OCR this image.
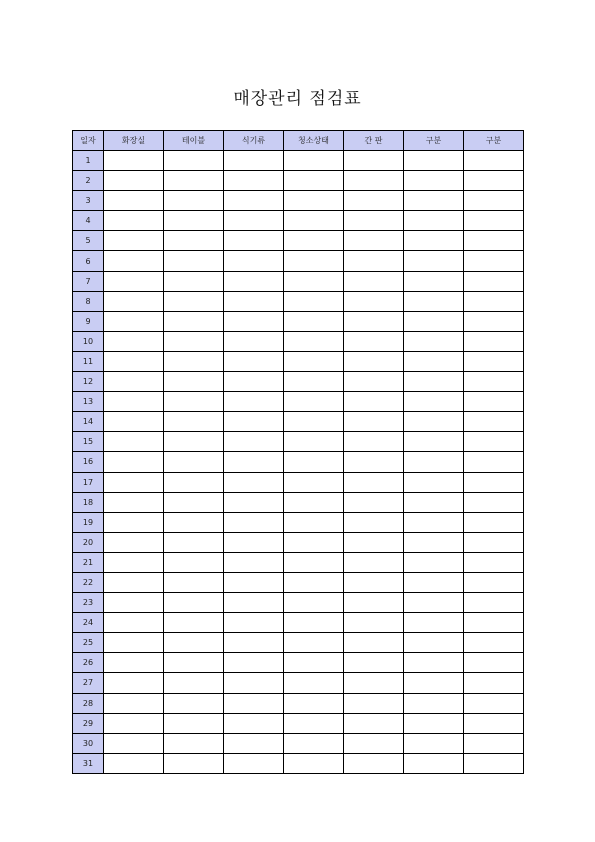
매장관리 점검표
일자	화장실	테이블	식기류	청소상태	간 판	구분	구분
1							
2							
3							
4							
5							
6							
7							
8							
9							
10							
11							
12							
13							
14							
15							
16							
17							
18							
19							
20							
21							
22							
23							
24							
25							
26							
27							
28							
29							
30							
31							
